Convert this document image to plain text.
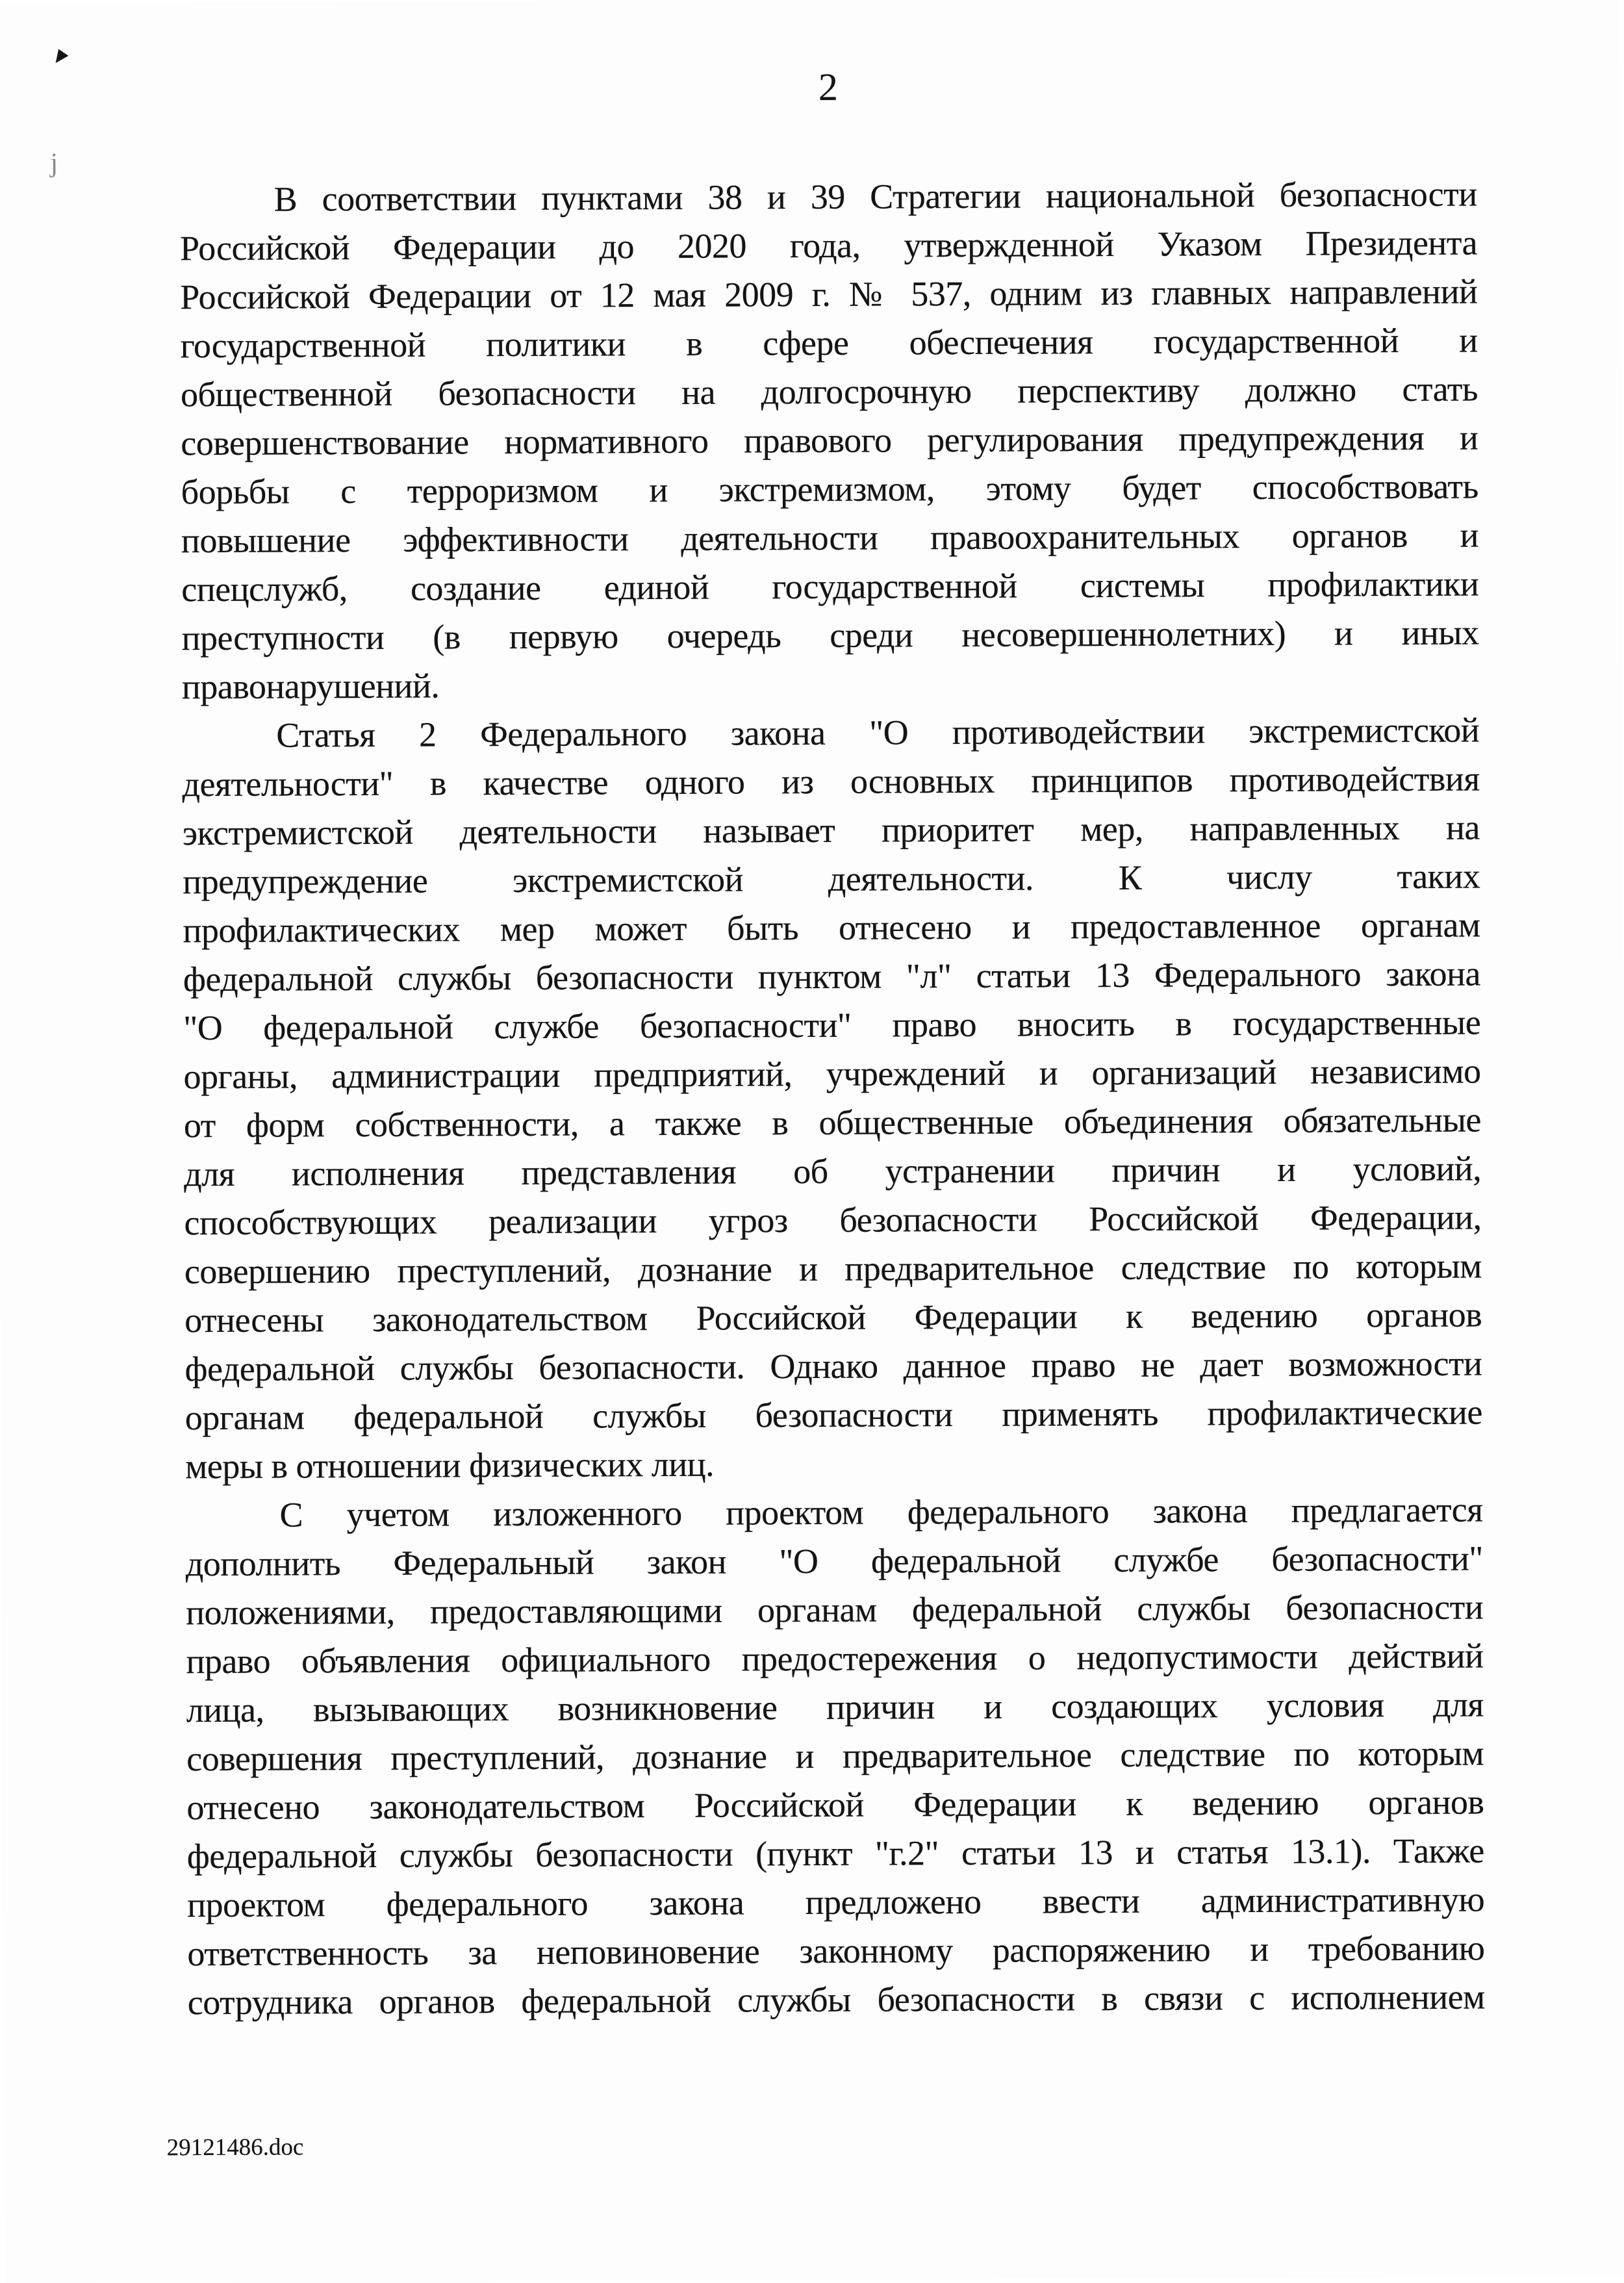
j
2
В соответствии пунктами 38 и 39 Стратегии национальной безопасности
Российской Федерации до 2020 года, утвержденной Указом Президента
Российской Федерации от 12 мая 2009 г. № 537, одним из главных направлений
государственной политики в сфере обеспечения государственной и
общественной безопасности на долгосрочную перспективу должно стать
совершенствование нормативного правового регулирования предупреждения и
борьбы с терроризмом и экстремизмом, этому будет способствовать
повышение эффективности деятельности правоохранительных органов и
спецслужб, создание единой государственной системы профилактики
преступности (в первую очередь среди несовершеннолетних) и иных
правонарушений.
Статья 2 Федерального закона "О противодействии экстремистской
деятельности" в качестве одного из основных принципов противодействия
экстремистской деятельности называет приоритет мер, направленных на
предупреждение экстремистской деятельности. К числу таких
профилактических мер может быть отнесено и предоставленное органам
федеральной службы безопасности пунктом "л" статьи 13 Федерального закона
"О федеральной службе безопасности" право вносить в государственные
органы, администрации предприятий, учреждений и организаций независимо
от форм собственности, а также в общественные объединения обязательные
для исполнения представления об устранении причин и условий,
способствующих реализации угроз безопасности Российской Федерации,
совершению преступлений, дознание и предварительное следствие по которым
отнесены законодательством Российской Федерации к ведению органов
федеральной службы безопасности. Однако данное право не дает возможности
органам федеральной службы безопасности применять профилактические
меры в отношении физических лиц.
С учетом изложенного проектом федерального закона предлагается
дополнить Федеральный закон "О федеральной службе безопасности"
положениями, предоставляющими органам федеральной службы безопасности
право объявления официального предостережения о недопустимости действий
лица, вызывающих возникновение причин и создающих условия для
совершения преступлений, дознание и предварительное следствие по которым
отнесено законодательством Российской Федерации к ведению органов
федеральной службы безопасности (пункт "г.2" статьи 13 и статья 13.1). Также
проектом федерального закона предложено ввести административную
ответственность за неповиновение законному распоряжению и требованию
сотрудника органов федеральной службы безопасности в связи с исполнением
29121486.doc
